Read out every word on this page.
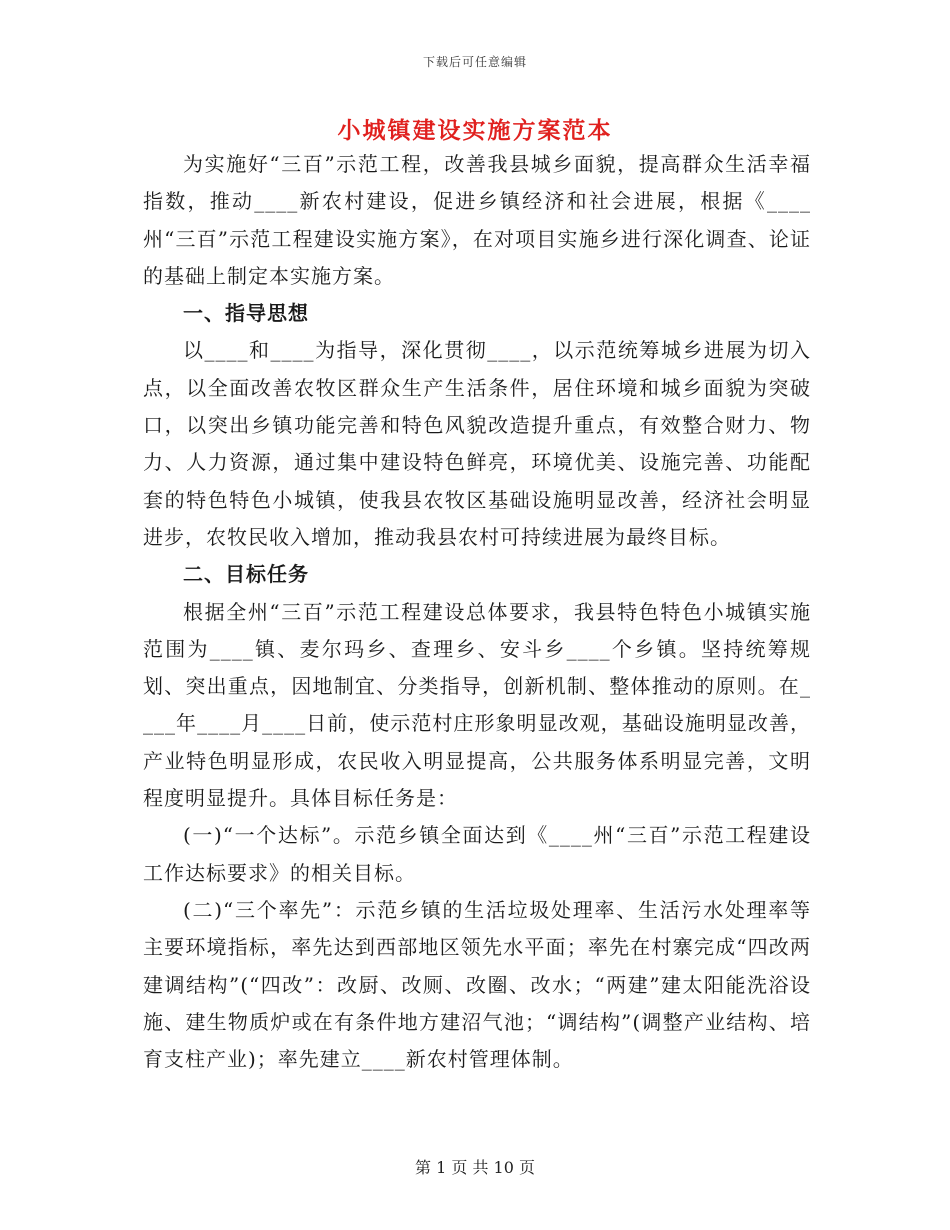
下载后可任意编辑
小城镇建设实施方案范本

为实施好“三百”示范工程，改善我县城乡面貌，提高群众生活幸福指数，推动____新农村建设，促进乡镇经济和社会进展，根据《____州“三百”示范工程建设实施方案》，在对项目实施乡进行深化调查、论证的基础上制定本实施方案。

一、指导思想

以____和____为指导，深化贯彻____，以示范统筹城乡进展为切入点，以全面改善农牧区群众生产生活条件，居住环境和城乡面貌为突破口，以突出乡镇功能完善和特色风貌改造提升重点，有效整合财力、物力、人力资源，通过集中建设特色鲜亮，环境优美、设施完善、功能配套的特色特色小城镇，使我县农牧区基础设施明显改善，经济社会明显进步，农牧民收入增加，推动我县农村可持续进展为最终目标。

二、目标任务

根据全州“三百”示范工程建设总体要求，我县特色特色小城镇实施范围为____镇、麦尔玛乡、查理乡、安斗乡____个乡镇。坚持统筹规划、突出重点，因地制宜、分类指导，创新机制、整体推动的原则。在____年____月____日前，使示范村庄形象明显改观，基础设施明显改善，产业特色明显形成，农民收入明显提高，公共服务体系明显完善，文明程度明显提升。具体目标任务是：

(一)“一个达标”。示范乡镇全面达到《____州“三百”示范工程建设工作达标要求》的相关目标。

(二)“三个率先”：示范乡镇的生活垃圾处理率、生活污水处理率等主要环境指标，率先达到西部地区领先水平面；率先在村寨完成“四改两建调结构”(“四改”：改厨、改厕、改圈、改水；“两建”建太阳能洗浴设施、建生物质炉或在有条件地方建沼气池；“调结构”(调整产业结构、培育支柱产业)；率先建立____新农村管理体制。

第 1 页 共 10 页
